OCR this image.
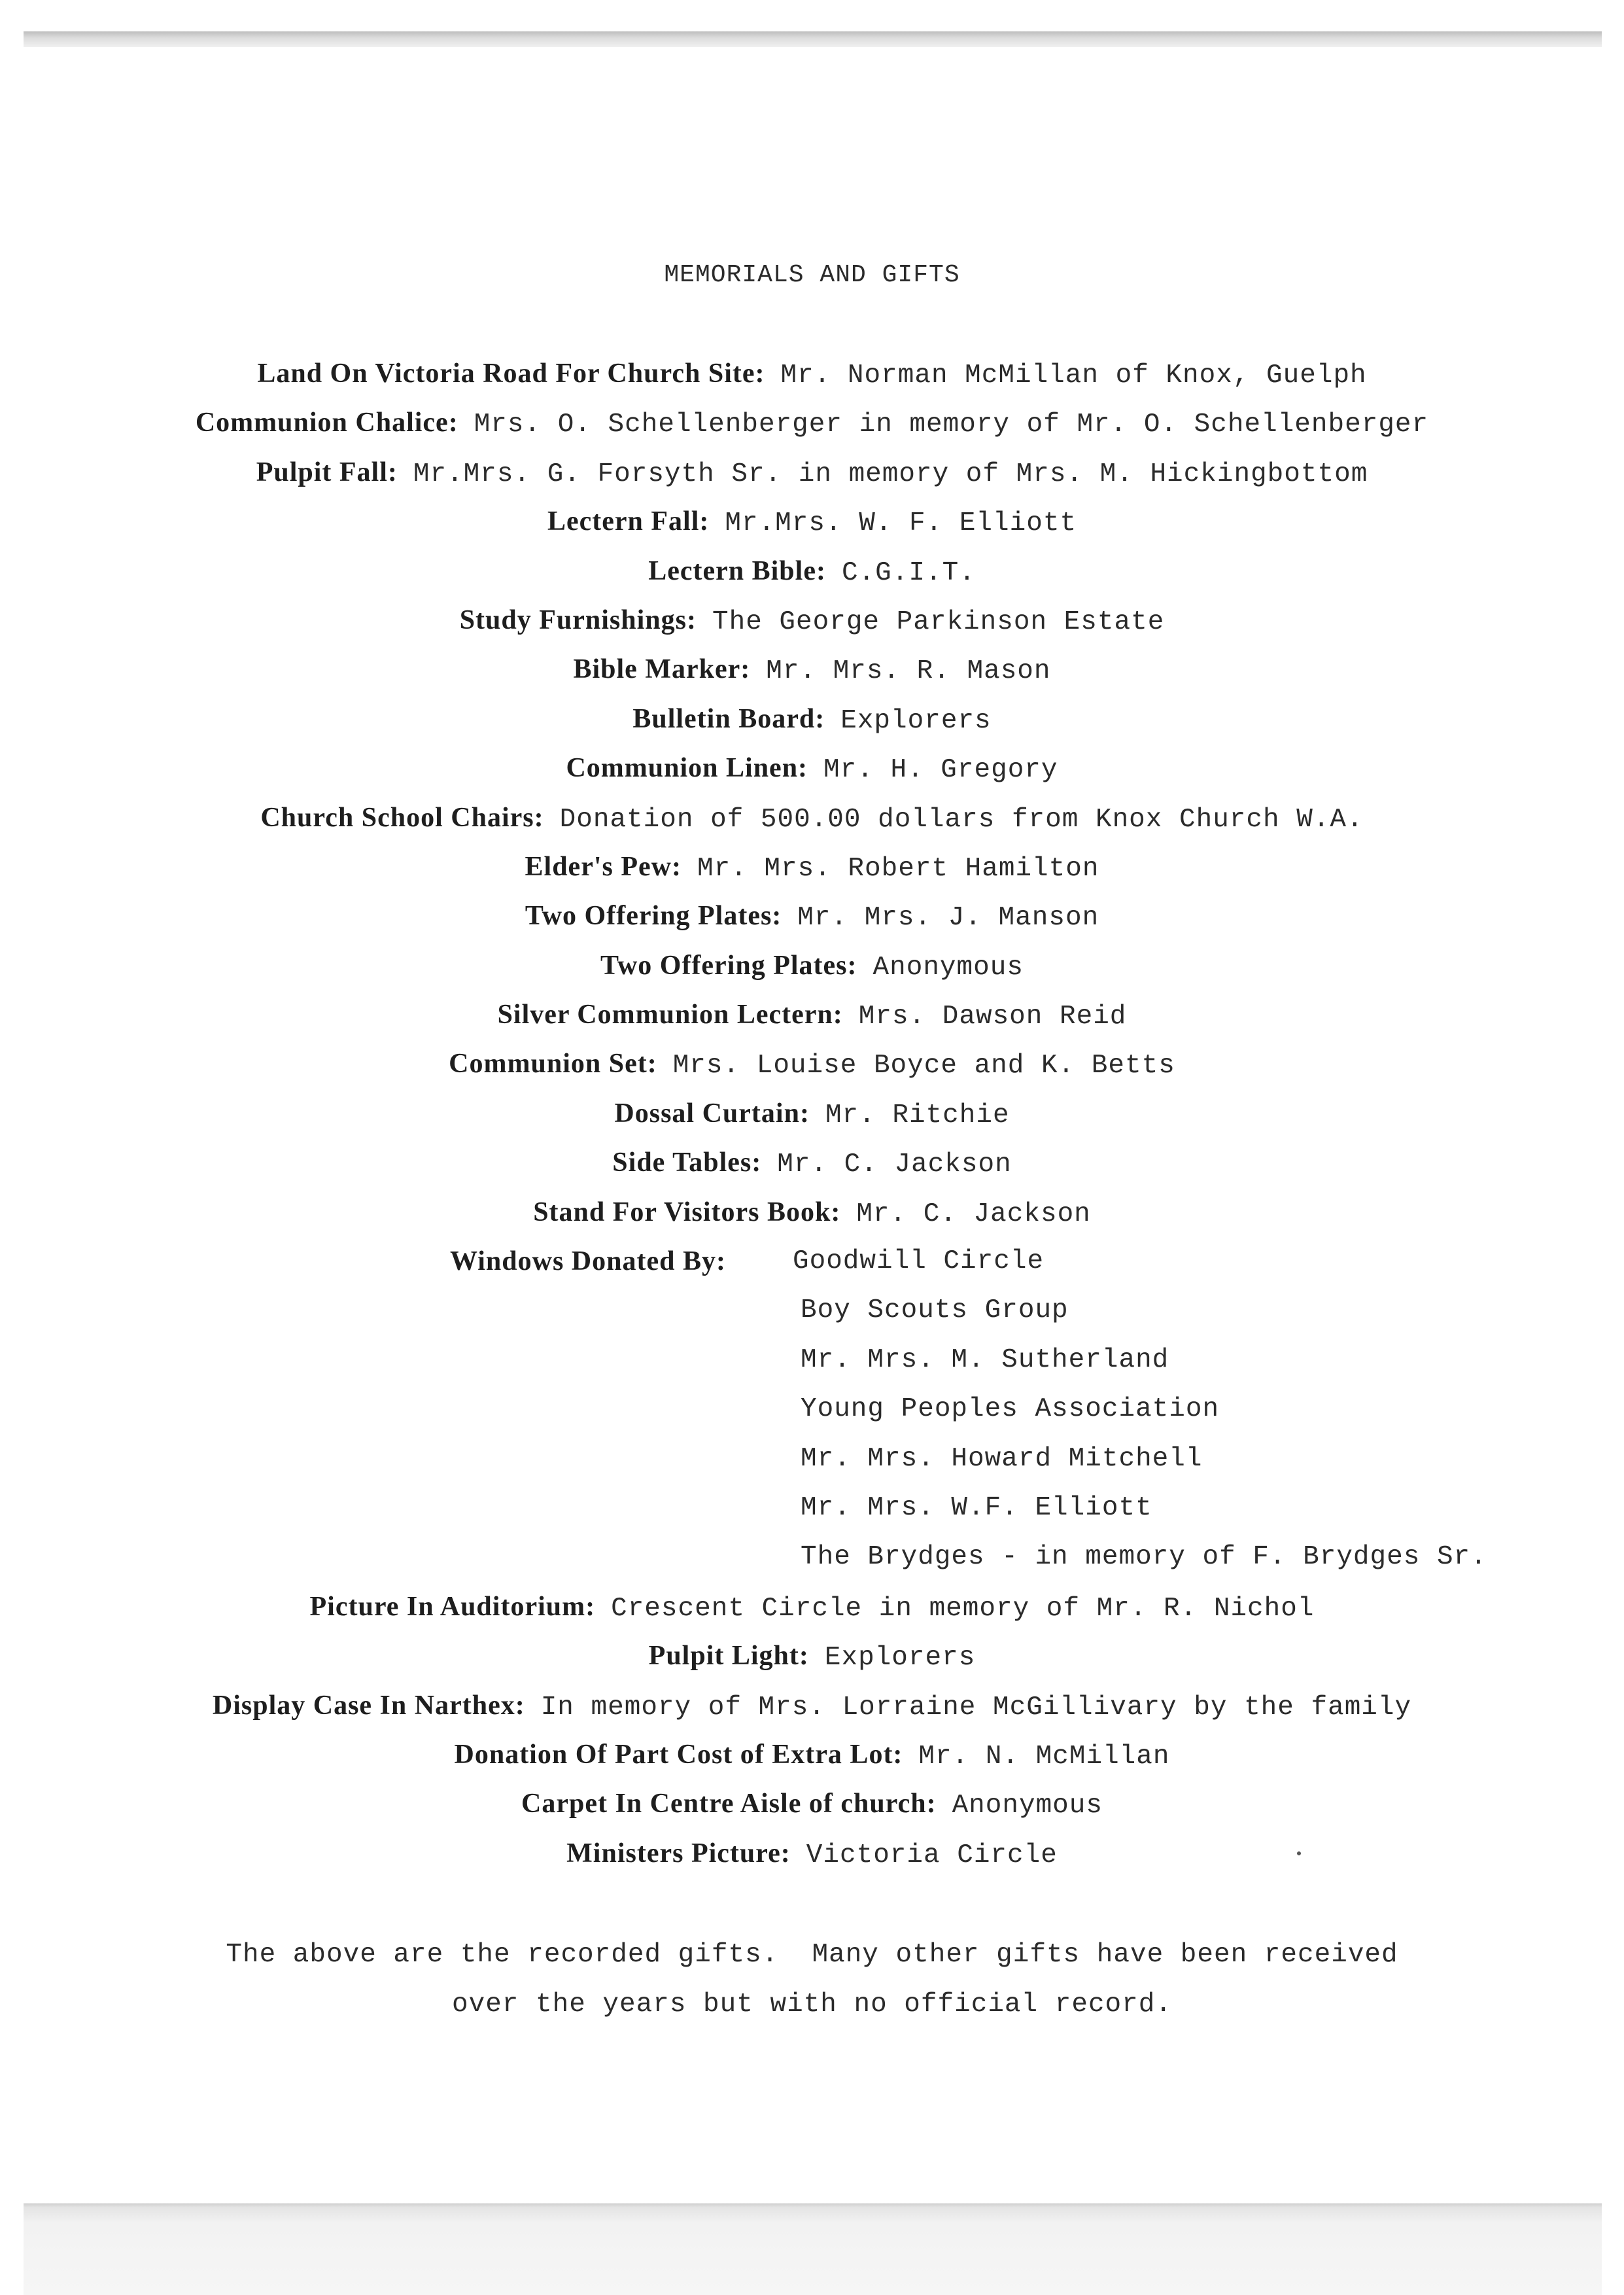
MEMORIALS AND GIFTS
Land On Victoria Road For Church Site: Mr. Norman McMillan of Knox, Guelph
Communion Chalice: Mrs. O. Schellenberger in memory of Mr. O. Schellenberger
Pulpit Fall: Mr.Mrs. G. Forsyth Sr. in memory of Mrs. M. Hickingbottom
Lectern Fall: Mr.Mrs. W. F. Elliott
Lectern Bible: C.G.I.T.
Study Furnishings: The George Parkinson Estate
Bible Marker: Mr. Mrs. R. Mason
Bulletin Board: Explorers
Communion Linen: Mr. H. Gregory
Church School Chairs: Donation of 500.00 dollars from Knox Church W.A.
Elder's Pew: Mr. Mrs. Robert Hamilton
Two Offering Plates: Mr. Mrs. J. Manson
Two Offering Plates: Anonymous
Silver Communion Lectern: Mrs. Dawson Reid
Communion Set: Mrs. Louise Boyce and K. Betts
Dossal Curtain: Mr. Ritchie
Side Tables: Mr. C. Jackson
Stand For Visitors Book: Mr. C. Jackson
Windows Donated By: Goodwill Circle
Boy Scouts Group
Mr. Mrs. M. Sutherland
Young Peoples Association
Mr. Mrs. Howard Mitchell
Mr. Mrs. W.F. Elliott
The Brydges - in memory of F. Brydges Sr.
Picture In Auditorium: Crescent Circle in memory of Mr. R. Nichol
Pulpit Light: Explorers
Display Case In Narthex: In memory of Mrs. Lorraine McGillivary by the family
Donation Of Part Cost of Extra Lot: Mr. N. McMillan
Carpet In Centre Aisle of church: Anonymous
Ministers Picture: Victoria Circle
The above are the recorded gifts.  Many other gifts have been received
over the years but with no official record.
